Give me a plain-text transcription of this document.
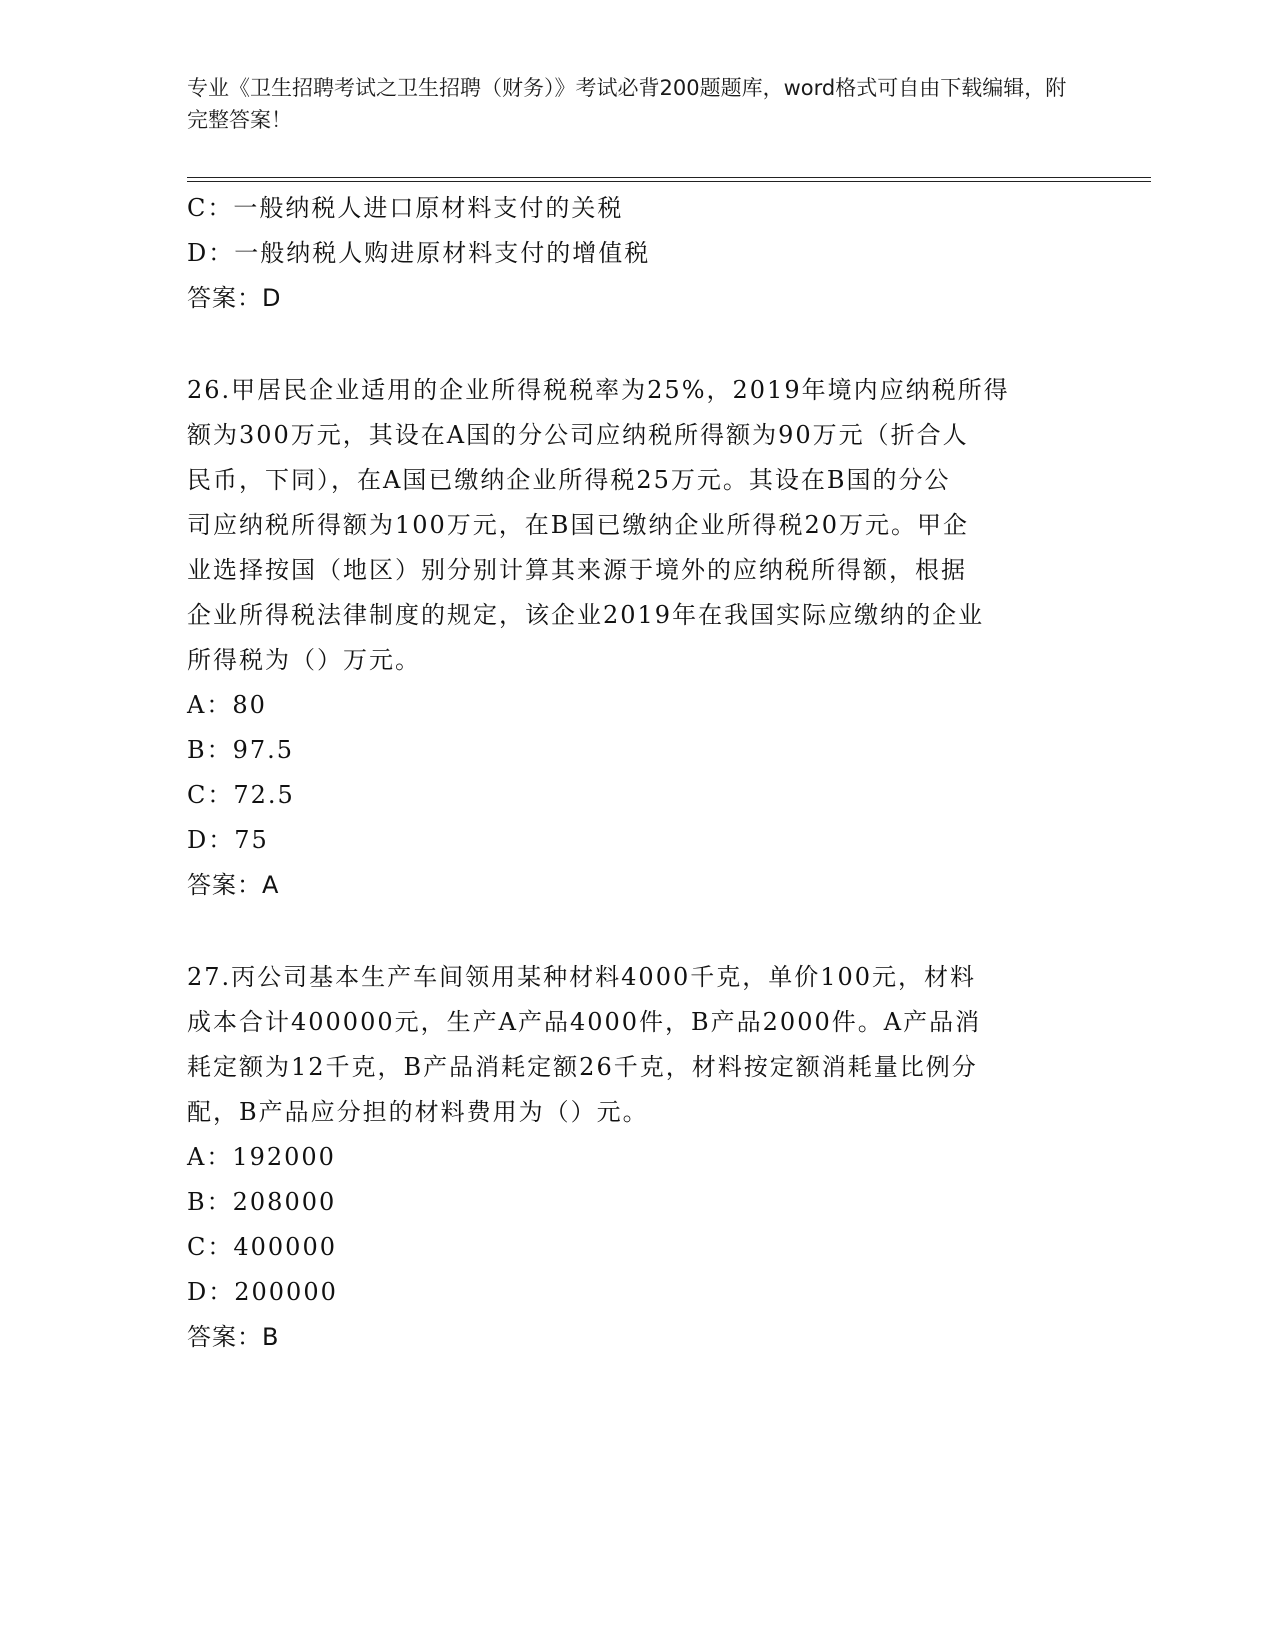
专业《卫生招聘考试之卫生招聘（财务）》考试必背200题题库，word格式可自由下载编辑，附完整答案！
C：一般纳税人进口原材料支付的关税
D：一般纳税人购进原材料支付的增值税
答案：D
26.甲居民企业适用的企业所得税税率为25%，2019年境内应纳税所得
额为300万元，其设在A国的分公司应纳税所得额为90万元（折合人
民币，下同），在A国已缴纳企业所得税25万元。其设在B国的分公
司应纳税所得额为100万元，在B国已缴纳企业所得税20万元。甲企
业选择按国（地区）别分别计算其来源于境外的应纳税所得额，根据
企业所得税法律制度的规定，该企业2019年在我国实际应缴纳的企业
所得税为（）万元。
A：80
B：97.5
C：72.5
D：75
答案：A
27.丙公司基本生产车间领用某种材料4000千克，单价100元，材料
成本合计400000元，生产A产品4000件，B产品2000件。A产品消
耗定额为12千克，B产品消耗定额26千克，材料按定额消耗量比例分
配，B产品应分担的材料费用为（）元。
A：192000
B：208000
C：400000
D：200000
答案：B
